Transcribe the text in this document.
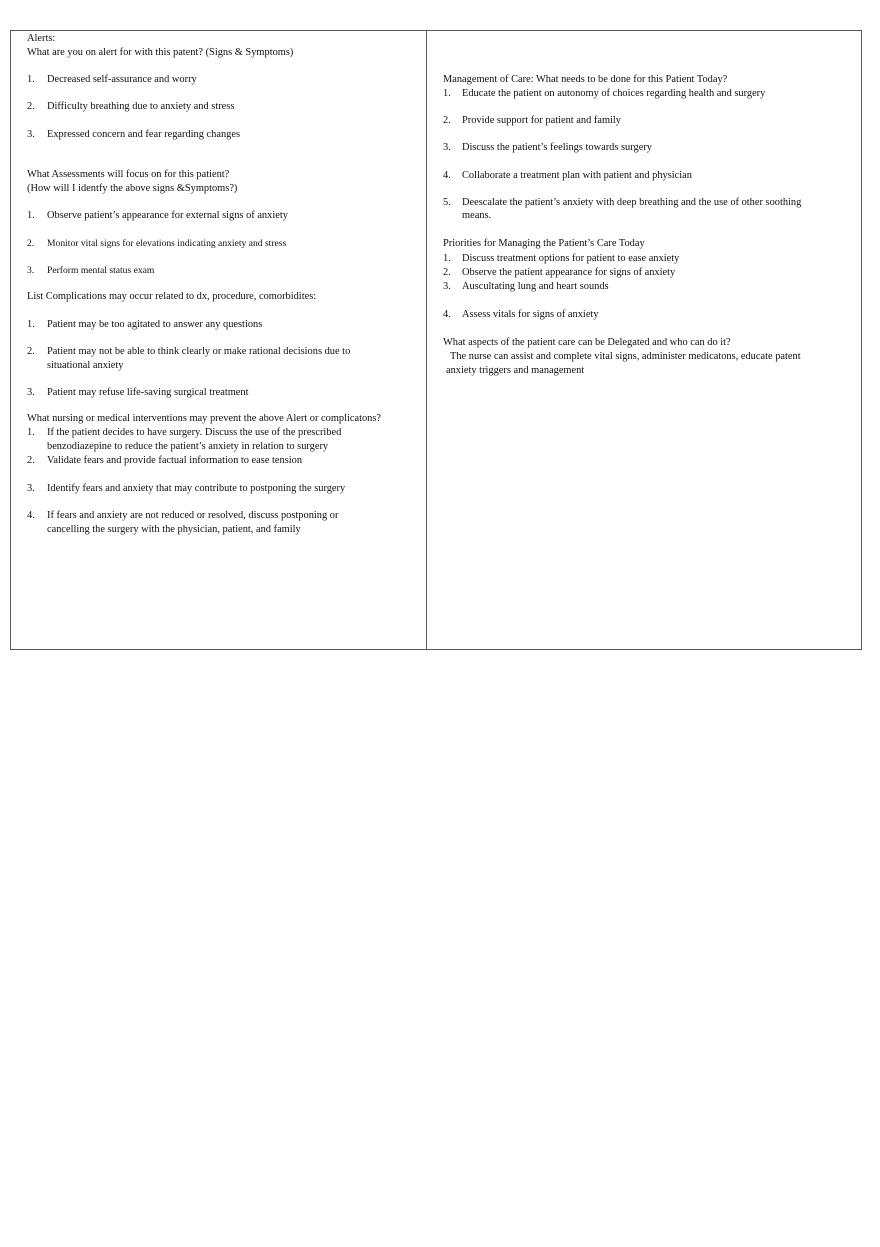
Alerts:
What are you on alert for with this patent? (Signs & Symptoms)
1. Decreased self-assurance and worry
2. Difficulty breathing due to anxiety and stress
3. Expressed concern and fear regarding changes
What Assessments will focus on for this patient?
(How will I identfy the above signs &Symptoms?)
1. Observe patient’s appearance for external signs of anxiety
2. Monitor vital signs for elevations indicating anxiety and stress
3. Perform mental status exam
List Complications may occur related to dx, procedure, comorbidites:
1. Patient may be too agitated to answer any questions
2. Patient may not be able to think clearly or make rational decisions due to
situational anxiety
3. Patient may refuse life-saving surgical treatment
What nursing or medical interventions may prevent the above Alert or complicatons?
1. If the patient decides to have surgery. Discuss the use of the prescribed
benzodiazepine to reduce the patient’s anxiety in relation to surgery
2. Validate fears and provide factual information to ease tension
3. Identify fears and anxiety that may contribute to postponing the surgery
4. If fears and anxiety are not reduced or resolved, discuss postponing or
cancelling the surgery with the physician, patient, and family
Management of Care: What needs to be done for this Patient Today?
1. Educate the patient on autonomy of choices regarding health and surgery
2. Provide support for patient and family
3. Discuss the patient’s feelings towards surgery
4. Collaborate a treatment plan with patient and physician
5. Deescalate the patient’s anxiety with deep breathing and the use of other soothing
means.
Priorities for Managing the Patient’s Care Today
1. Discuss treatment options for patient to ease anxiety
2. Observe the patient appearance for signs of anxiety
3. Auscultating lung and heart sounds
4. Assess vitals for signs of anxiety
What aspects of the patient care can be Delegated and who can do it?
The nurse can assist and complete vital signs, administer medicatons, educate patent
anxiety triggers and management
